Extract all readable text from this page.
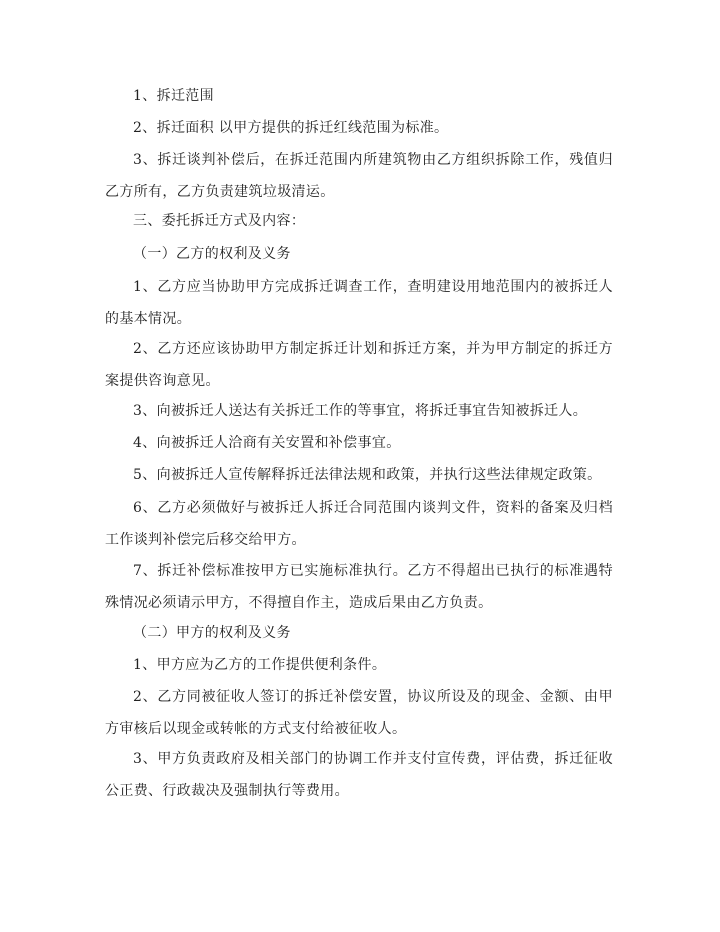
1、拆迁范围

2、拆迁面积 以甲方提供的拆迁红线范围为标准。

3、拆迁谈判补偿后，在拆迁范围内所建筑物由乙方组织拆除工作，残值归乙方所有，乙方负责建筑垃圾清运。

三、委托拆迁方式及内容：

（一）乙方的权利及义务

1、乙方应当协助甲方完成拆迁调查工作，查明建设用地范围内的被拆迁人的基本情况。

2、乙方还应该协助甲方制定拆迁计划和拆迁方案，并为甲方制定的拆迁方案提供咨询意见。

3、向被拆迁人送达有关拆迁工作的等事宜，将拆迁事宜告知被拆迁人。

4、向被拆迁人洽商有关安置和补偿事宜。

5、向被拆迁人宣传解释拆迁法律法规和政策，并执行这些法律规定政策。

6、乙方必须做好与被拆迁人拆迁合同范围内谈判文件，资料的备案及归档工作谈判补偿完后移交给甲方。

7、拆迁补偿标准按甲方已实施标准执行。乙方不得超出已执行的标准遇特殊情况必须请示甲方，不得擅自作主，造成后果由乙方负责。

（二）甲方的权利及义务

1、甲方应为乙方的工作提供便利条件。

2、乙方同被征收人签订的拆迁补偿安置，协议所设及的现金、金额、由甲方审核后以现金或转帐的方式支付给被征收人。

3、甲方负责政府及相关部门的协调工作并支付宣传费，评估费，拆迁征收公正费、行政裁决及强制执行等费用。
